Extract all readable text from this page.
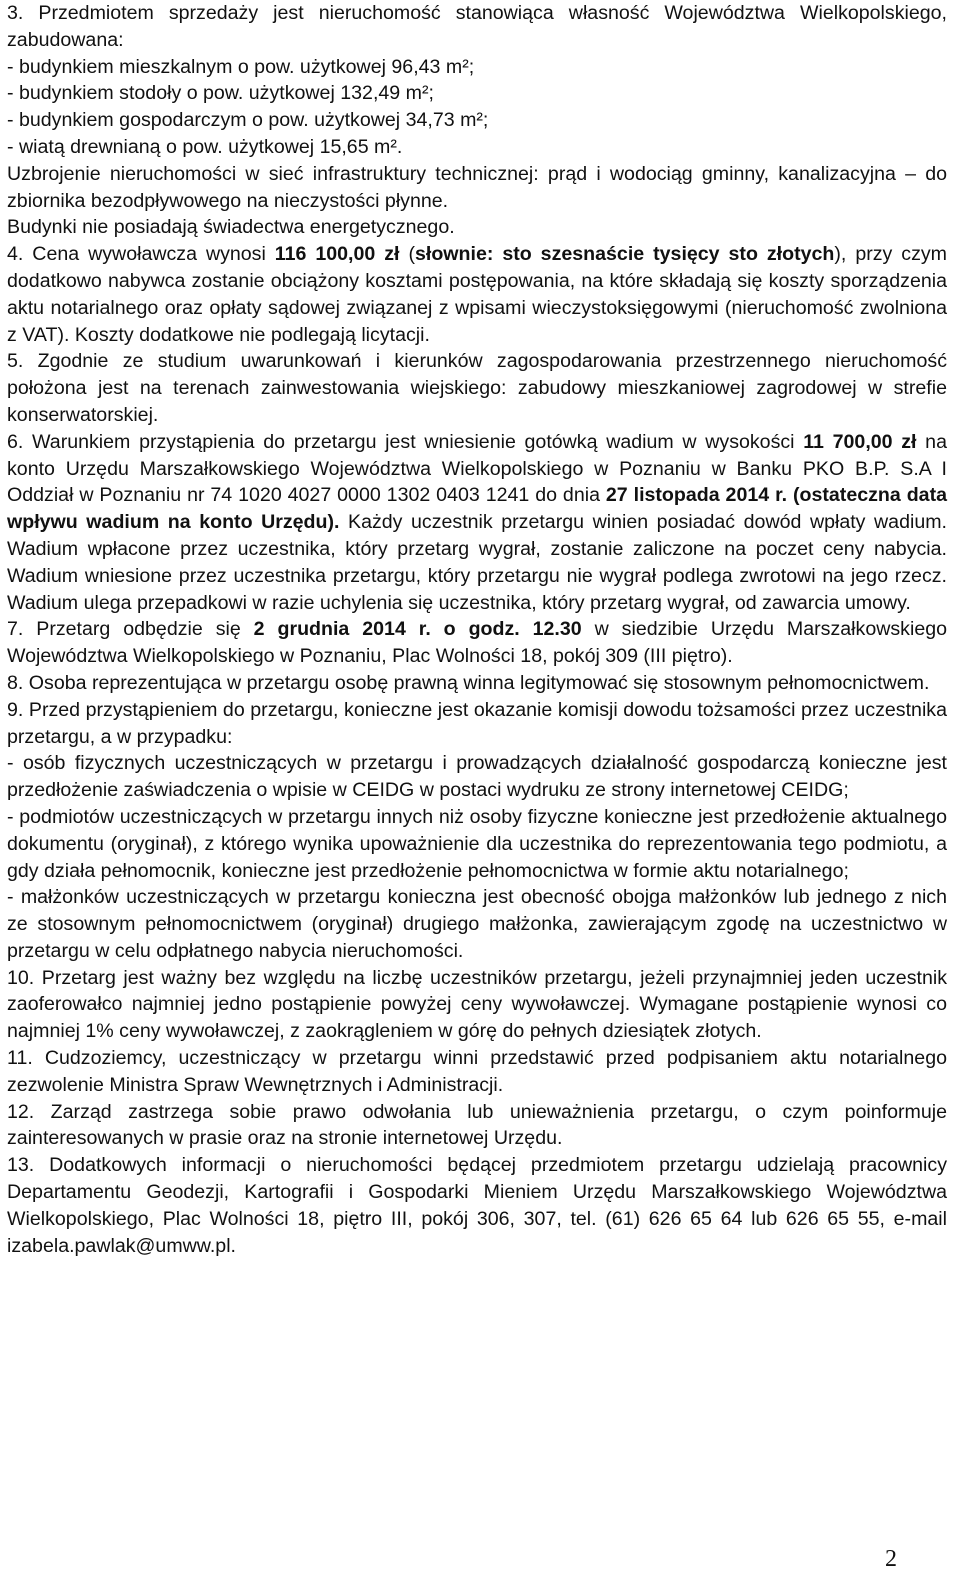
3. Przedmiotem sprzedaży jest nieruchomość stanowiąca własność Województwa Wielkopolskiego, zabudowana:

- budynkiem mieszkalnym o pow. użytkowej 96,43 m²;

- budynkiem stodoły o pow. użytkowej 132,49 m²;

- budynkiem gospodarczym o pow. użytkowej 34,73 m²;

- wiatą drewnianą o pow. użytkowej 15,65 m².

Uzbrojenie nieruchomości w sieć infrastruktury technicznej: prąd i wodociąg gminny, kanalizacyjna – do zbiornika bezodpływowego na nieczystości płynne.

Budynki nie posiadają świadectwa energetycznego.

4. Cena wywoławcza wynosi 116 100,00 zł (słownie: sto szesnaście tysięcy sto złotych), przy czym dodatkowo nabywca zostanie obciążony kosztami postępowania, na które składają się koszty sporządzenia aktu notarialnego oraz opłaty sądowej związanej z wpisami wieczystoksięgowymi (nieruchomość zwolniona z VAT). Koszty dodatkowe nie podlegają licytacji.

5. Zgodnie ze studium uwarunkowań i kierunków zagospodarowania przestrzennego nieruchomość położona jest na terenach zainwestowania wiejskiego: zabudowy mieszkaniowej zagrodowej w strefie konserwatorskiej.

6. Warunkiem przystąpienia do przetargu jest wniesienie gotówką wadium w wysokości 11 700,00 zł na konto Urzędu Marszałkowskiego Województwa Wielkopolskiego w Poznaniu w Banku PKO B.P. S.A I Oddział w Poznaniu nr 74 1020 4027 0000 1302 0403 1241 do dnia 27 listopada 2014 r. (ostateczna data wpływu wadium na konto Urzędu). Każdy uczestnik przetargu winien posiadać dowód wpłaty wadium. Wadium wpłacone przez uczestnika, który przetarg wygrał, zostanie zaliczone na poczet ceny nabycia. Wadium wniesione przez uczestnika przetargu, który przetargu nie wygrał podlega zwrotowi na jego rzecz. Wadium ulega przepadkowi w razie uchylenia się uczestnika, który przetarg wygrał, od zawarcia umowy.

7. Przetarg odbędzie się 2 grudnia 2014 r. o godz. 12.30 w siedzibie Urzędu Marszałkowskiego Województwa Wielkopolskiego w Poznaniu, Plac Wolności 18, pokój 309 (III piętro).

8. Osoba reprezentująca w przetargu osobę prawną winna legitymować się stosownym pełnomocnictwem.

9. Przed przystąpieniem do przetargu, konieczne jest okazanie komisji dowodu tożsamości przez uczestnika przetargu, a w przypadku:

- osób fizycznych uczestniczących w przetargu i prowadzących działalność gospodarczą konieczne jest przedłożenie zaświadczenia o wpisie w CEIDG w postaci wydruku ze strony internetowej CEIDG;

- podmiotów uczestniczących w przetargu innych niż osoby fizyczne konieczne jest przedłożenie aktualnego dokumentu (oryginał), z którego wynika upoważnienie dla uczestnika do reprezentowania tego podmiotu, a gdy działa pełnomocnik, konieczne jest przedłożenie pełnomocnictwa w formie aktu notarialnego;

- małżonków uczestniczących w przetargu konieczna jest obecność obojga małżonków lub jednego z nich ze stosownym pełnomocnictwem (oryginał) drugiego małżonka, zawierającym zgodę na uczestnictwo w przetargu w celu odpłatnego nabycia nieruchomości.

10. Przetarg jest ważny bez względu na liczbę uczestników przetargu, jeżeli przynajmniej jeden uczestnik zaoferowałco najmniej jedno postąpienie powyżej ceny wywoławczej. Wymagane postąpienie wynosi co najmniej 1% ceny wywoławczej, z zaokrągleniem w górę do pełnych dziesiątek złotych.

11. Cudzoziemcy, uczestniczący w przetargu winni przedstawić przed podpisaniem aktu notarialnego zezwolenie Ministra Spraw Wewnętrznych i Administracji.

12. Zarząd zastrzega sobie prawo odwołania lub unieważnienia przetargu, o czym poinformuje zainteresowanych w prasie oraz na stronie internetowej Urzędu.

13. Dodatkowych informacji o nieruchomości będącej przedmiotem przetargu udzielają pracownicy Departamentu Geodezji, Kartografii i Gospodarki Mieniem Urzędu Marszałkowskiego Województwa Wielkopolskiego, Plac Wolności 18, piętro III, pokój 306, 307, tel. (61) 626 65 64 lub 626 65 55, e-mail izabela.pawlak@umww.pl.

2
